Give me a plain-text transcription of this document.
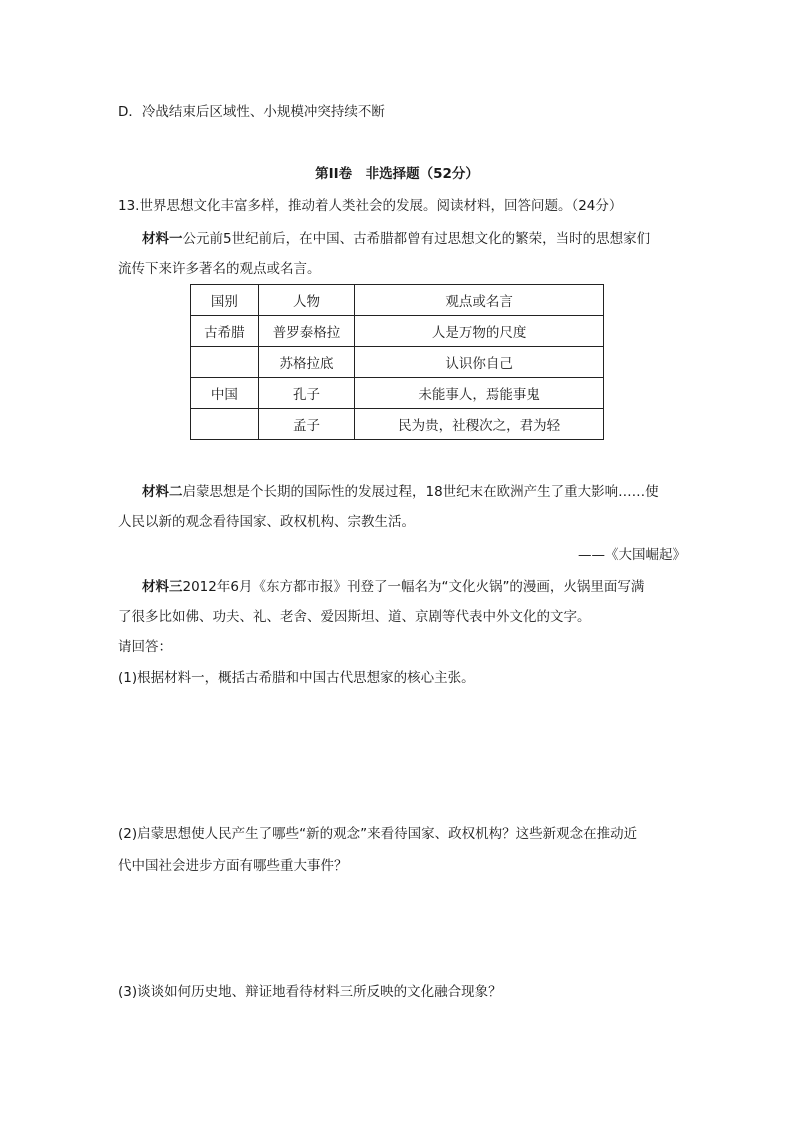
D．冷战结束后区域性、小规模冲突持续不断
第II卷　非选择题（52分）
13.世界思想文化丰富多样，推动着人类社会的发展。阅读材料，回答问题。（24分）
材料一公元前5世纪前后，在中国、古希腊都曾有过思想文化的繁荣，当时的思想家们
流传下来许多著名的观点或名言。
国别	人物	观点或名言
古希腊	普罗泰格拉	人是万物的尺度
	苏格拉底	认识你自己
中国	孔子	未能事人，焉能事鬼
	孟子	民为贵，社稷次之，君为轻
材料二启蒙思想是个长期的国际性的发展过程，18世纪末在欧洲产生了重大影响……使
人民以新的观念看待国家、政权机构、宗教生活。
——《大国崛起》
材料三2012年6月《东方都市报》刊登了一幅名为“文化火锅”的漫画，火锅里面写满
了很多比如佛、功夫、礼、老舍、爱因斯坦、道、京剧等代表中外文化的文字。
请回答：
(1)根据材料一，概括古希腊和中国古代思想家的核心主张。
(2)启蒙思想使人民产生了哪些“新的观念”来看待国家、政权机构？这些新观念在推动近
代中国社会进步方面有哪些重大事件？
(3)谈谈如何历史地、辩证地看待材料三所反映的文化融合现象？
